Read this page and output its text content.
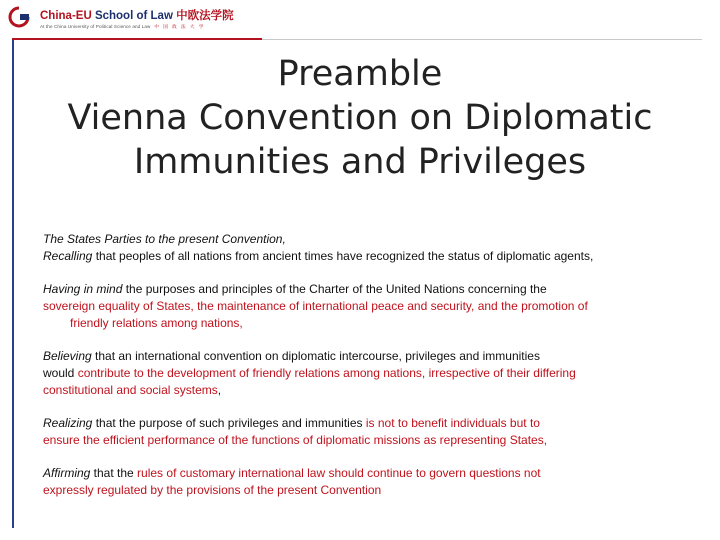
China-EU School of Law 中欧法学院
At the China University of Political Science and Law 中 国 政 法 大 学
Preamble
Vienna Convention on Diplomatic
Immunities and Privileges

The States Parties to the present Convention,

Recalling that peoples of all nations from ancient times have recognized the status of diplomatic agents,

Having in mind the purposes and principles of the Charter of the United Nations concerning the

sovereign equality of States, the maintenance of international peace and security, and the promotion of

friendly relations among nations,

Believing that an international convention on diplomatic intercourse, privileges and immunities

would contribute to the development of friendly relations among nations, irrespective of their differing

constitutional and social systems,

Realizing that the purpose of such privileges and immunities is not to benefit individuals but to

ensure the efficient performance of the functions of diplomatic missions as representing States,

Affirming that the rules of customary international law should continue to govern questions not

expressly regulated by the provisions of the present Convention
